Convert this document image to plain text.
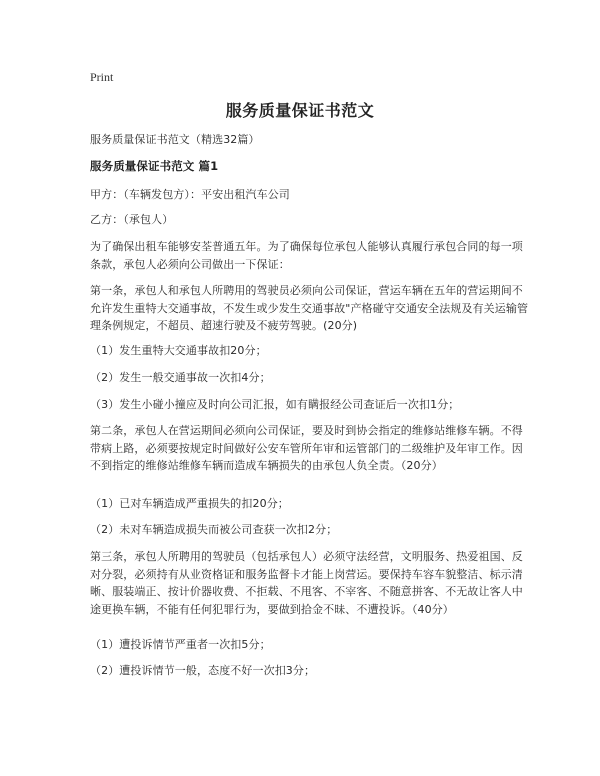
Print
服务质量保证书范文
服务质量保证书范文（精选32篇）
服务质量保证书范文 篇1
甲方：（车辆发包方）：平安出租汽车公司
乙方：（承包人）
为了确保出租车能够安荃普通五年。为了确保每位承包人能够认真履行承包合同的每一项条款，承包人必须向公司做出一下保证：
第一条，承包人和承包人所聘用的驾驶员必须向公司保证，营运车辆在五年的营运期间不允许发生重特大交通事故，不发生或少发生交通事故"产格碰守交通安全法规及有关运输管理条例规定，不超员、超速行驶及不疲劳驾驶。(20分)
（1）发生重特大交通事故扣20分；
（2）发生一般交通事故一次扣4分；
（3）发生小碰小撞应及时向公司汇报，如有瞒报经公司查证后一次扣1分；
第二条，承包人在营运期间必须向公司保证，要及时到协会指定的维修站维修车辆。不得带病上路，必须要按规定时间做好公安车管所年审和运管部门的二级维护及年审工作。因不到指定的维修站维修车辆而造成车辆损失的由承包人负全责。（20分）
（1）已对车辆造成严重损失的扣20分；
（2）未对车辆造成损失而被公司查获一次扣2分；
第三条，承包人所聘用的驾驶员（包括承包人）必须守法经营，文明服务、热爱祖国、反对分裂，必须持有从业资格证和服务监督卡才能上岗营运。要保持车容车貌整洁、标示清晰、服装端正、按计价器收费、不拒载、不甩客、不宰客、不随意拼客、不无故让客人中途更换车辆，不能有任何犯罪行为，要做到拾金不昧、不遭投诉。（40分）
（1）遭投诉情节严重者一次扣5分；
（2）遭投诉情节一般，态度不好一次扣3分；
